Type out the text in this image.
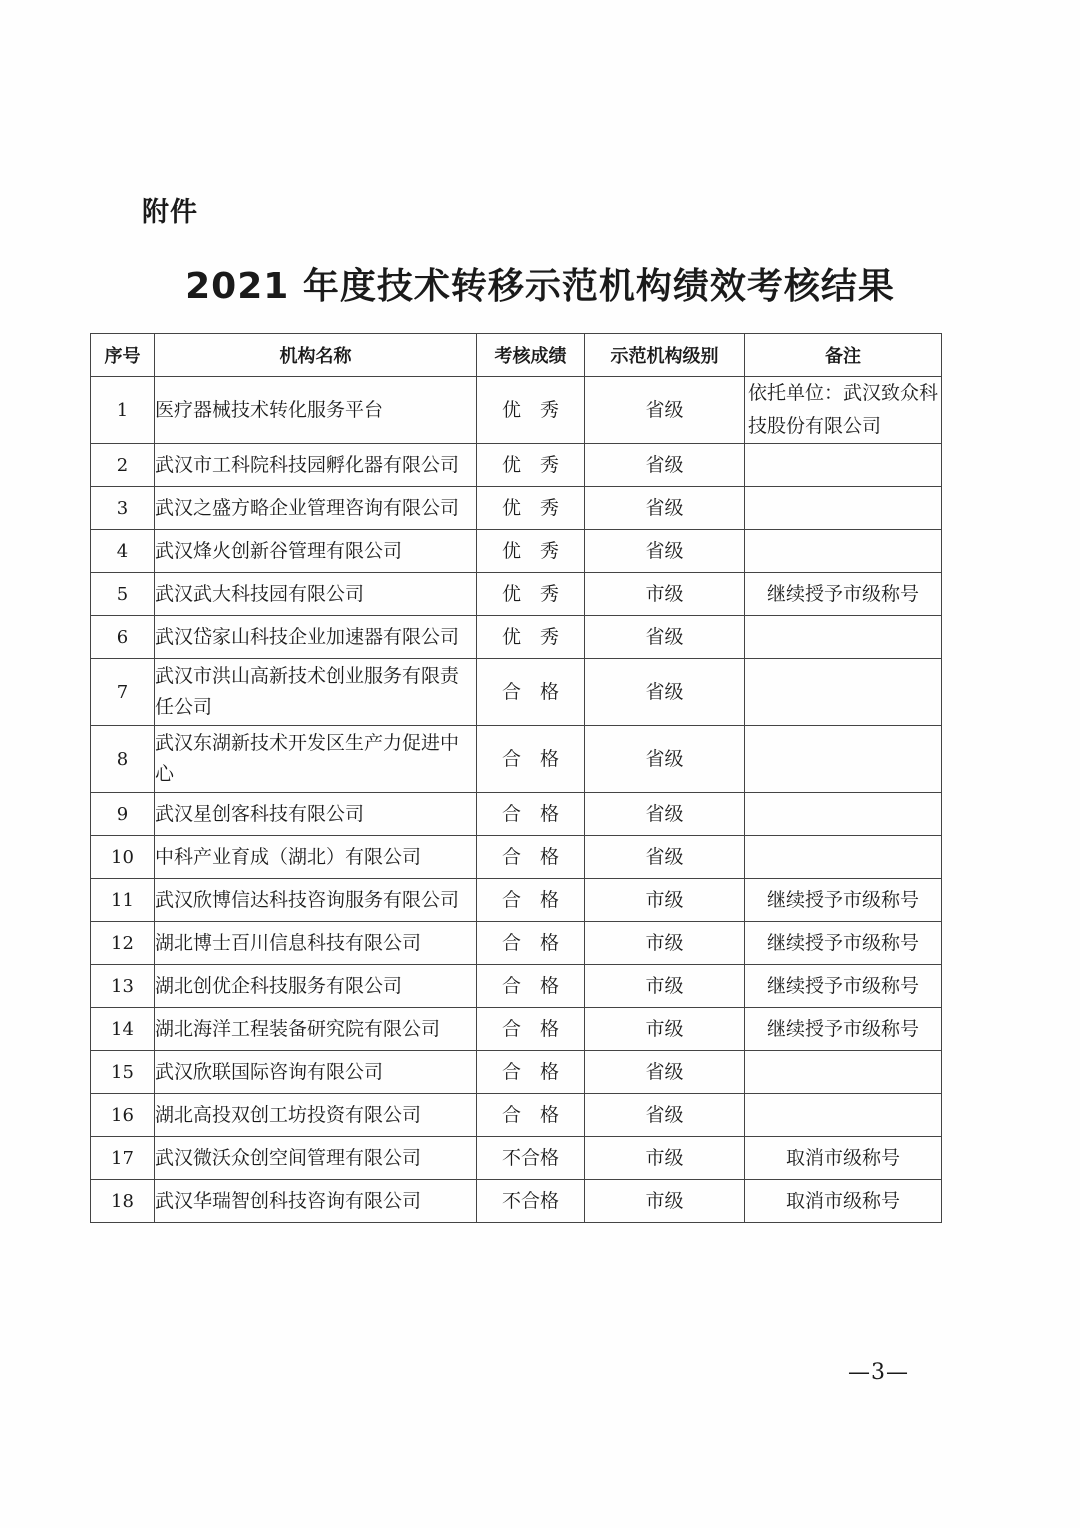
附件
2021 年度技术转移示范机构绩效考核结果
序号	机构名称	考核成绩	示范机构级别	备注
1	医疗器械技术转化服务平台	优　秀	省级	依托单位：武汉致众科技股份有限公司
2	武汉市工科院科技园孵化器有限公司	优　秀	省级	
3	武汉之盛方略企业管理咨询有限公司	优　秀	省级	
4	武汉烽火创新谷管理有限公司	优　秀	省级	
5	武汉武大科技园有限公司	优　秀	市级	继续授予市级称号
6	武汉岱家山科技企业加速器有限公司	优　秀	省级	
7	武汉市洪山高新技术创业服务有限责任公司	合　格	省级	
8	武汉东湖新技术开发区生产力促进中心	合　格	省级	
9	武汉星创客科技有限公司	合　格	省级	
10	中科产业育成（湖北）有限公司	合　格	省级	
11	武汉欣博信达科技咨询服务有限公司	合　格	市级	继续授予市级称号
12	湖北博士百川信息科技有限公司	合　格	市级	继续授予市级称号
13	湖北创优企科技服务有限公司	合　格	市级	继续授予市级称号
14	湖北海洋工程装备研究院有限公司	合　格	市级	继续授予市级称号
15	武汉欣联国际咨询有限公司	合　格	省级	
16	湖北高投双创工坊投资有限公司	合　格	省级	
17	武汉微沃众创空间管理有限公司	不合格	市级	取消市级称号
18	武汉华瑞智创科技咨询有限公司	不合格	市级	取消市级称号
—3—
